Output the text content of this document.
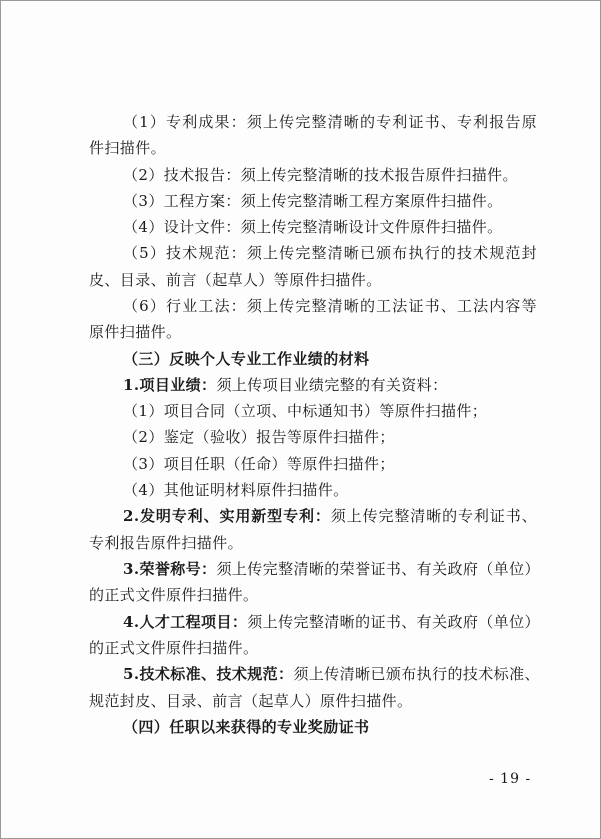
（1）专利成果：须上传完整清晰的专利证书、专利报告原
件扫描件。
（2）技术报告：须上传完整清晰的技术报告原件扫描件。
（3）工程方案：须上传完整清晰工程方案原件扫描件。
（4）设计文件：须上传完整清晰设计文件原件扫描件。
（5）技术规范：须上传完整清晰已颁布执行的技术规范封
皮、目录、前言（起草人）等原件扫描件。
（6）行业工法：须上传完整清晰的工法证书、工法内容等
原件扫描件。
（三）反映个人专业工作业绩的材料
1.项目业绩：须上传项目业绩完整的有关资料：
（1）项目合同（立项、中标通知书）等原件扫描件；
（2）鉴定（验收）报告等原件扫描件；
（3）项目任职（任命）等原件扫描件；
（4）其他证明材料原件扫描件。
2.发明专利、实用新型专利：须上传完整清晰的专利证书、
专利报告原件扫描件。
3.荣誉称号：须上传完整清晰的荣誉证书、有关政府（单位）
的正式文件原件扫描件。
4.人才工程项目：须上传完整清晰的证书、有关政府（单位）
的正式文件原件扫描件。
5.技术标准、技术规范：须上传清晰已颁布执行的技术标准、
规范封皮、目录、前言（起草人）原件扫描件。
（四）任职以来获得的专业奖励证书
- 19 -
